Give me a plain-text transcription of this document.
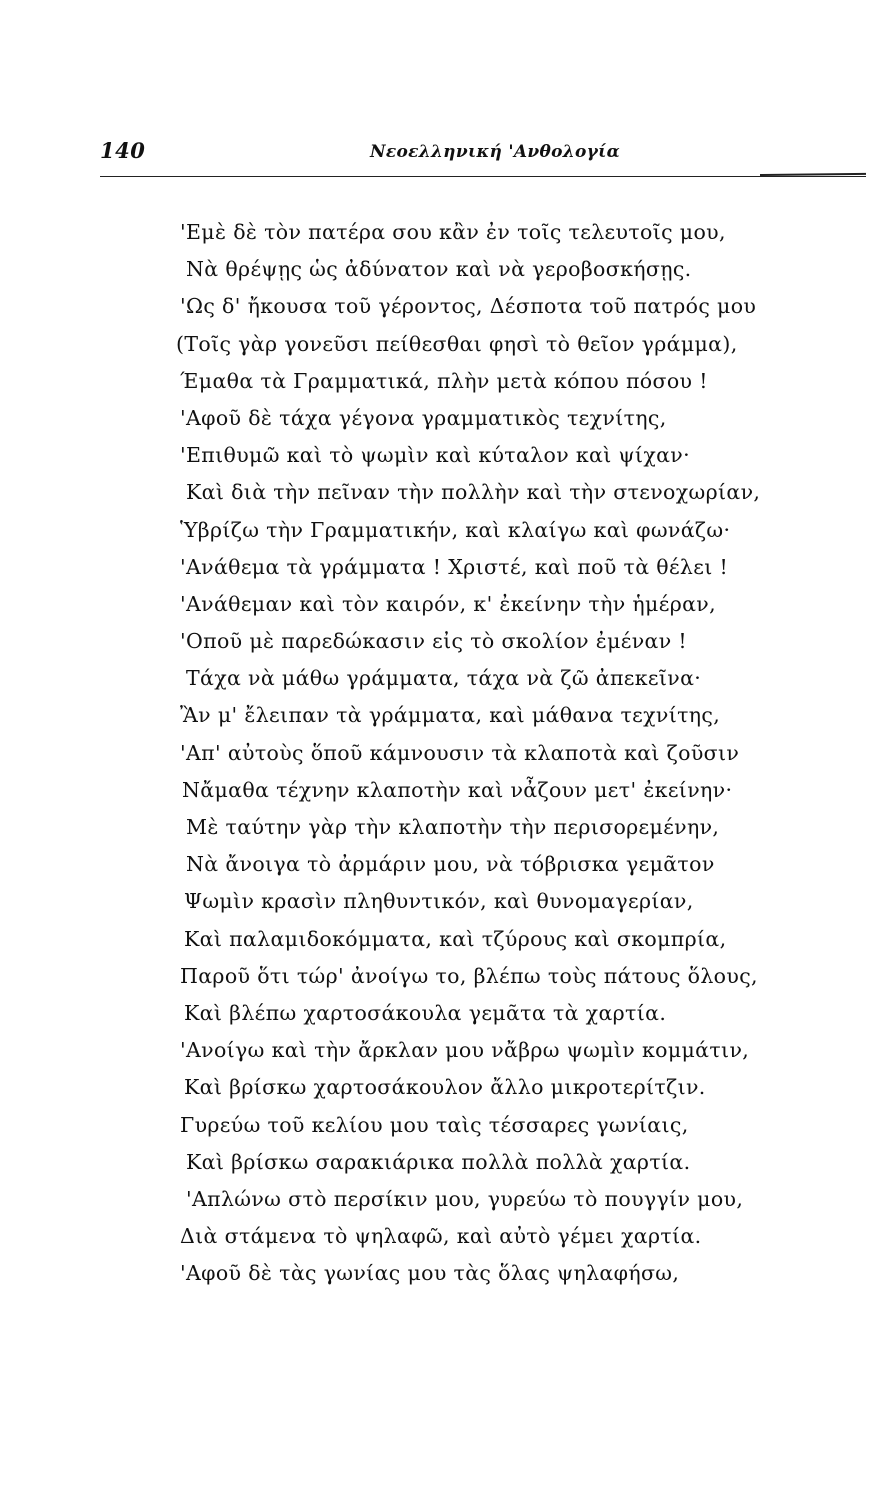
140	Νεοελληνική 'Ανθολογία
'Εμὲ δὲ τὸν πατέρα σου κἂν ἐν τοῖς τελευτοῖς μου,
Νὰ θρέψῃς ὡς ἀδύνατον καὶ νὰ γεροβοσκήσῃς.
'Ως δ' ἤκουσα τοῦ γέροντος, Δέσποτα τοῦ πατρός μου
(Τοῖς γὰρ γονεῦσι πείθεσθαι φησὶ τὸ θεῖον γράμμα),
Έμαθα τὰ Γραμματικά, πλὴν μετὰ κόπου πόσου !
'Αφοῦ δὲ τάχα γέγονα γραμματικὸς τεχνίτης,
'Επιθυμῶ καὶ τὸ ψωμὶν καὶ κύταλον καὶ ψίχαν·
Καὶ διὰ τὴν πεῖναν τὴν πολλὴν καὶ τὴν στενοχωρίαν,
Ὑβρίζω τὴν Γραμματικήν, καὶ κλαίγω καὶ φωνάζω·
'Ανάθεμα τὰ γράμματα ! Χριστέ, καὶ ποῦ τὰ θέλει !
'Ανάθεμαν καὶ τὸν καιρόν, κ' ἐκείνην τὴν ἡμέραν,
'Οποῦ μὲ παρεδώκασιν εἰς τὸ σκολίον ἐμέναν !
Τάχα νὰ μάθω γράμματα, τάχα νὰ ζῶ ἀπεκεῖνα·
Ἂν μ' ἔλειπαν τὰ γράμματα, καὶ μάθανα τεχνίτης,
'Απ' αὐτοὺς ὅποῦ κάμνουσιν τὰ κλαποτὰ καὶ ζοῦσιν
Νἄμαθα τέχνην κλαποτὴν καὶ νἆζουν μετ' ἐκείνην·
Μὲ ταύτην γὰρ τὴν κλαποτὴν τὴν περισορεμένην,
Νὰ ἄνοιγα τὸ ἀρμάριν μου, νὰ τόβρισκα γεμᾶτον
Ψωμὶν κρασὶν πληθυντικόν, καὶ θυνομαγερίαν,
Καὶ παλαμιδοκόμματα, καὶ τζύρους καὶ σκομπρία,
Παροῦ ὅτι τώρ' ἀνοίγω το, βλέπω τοὺς πάτους ὅλους,
Καὶ βλέπω χαρτοσάκουλα γεμᾶτα τὰ χαρτία.
'Ανοίγω καὶ τὴν ἄρκλαν μου νἄβρω ψωμὶν κομμάτιν,
Καὶ βρίσκω χαρτοσάκουλον ἄλλο μικροτερίτζιν.
Γυρεύω τοῦ κελίου μου ταὶς τέσσαρες γωνίαις,
Καὶ βρίσκω σαρακιάρικα πολλὰ πολλὰ χαρτία.
'Απλώνω στὸ περσίκιν μου, γυρεύω τὸ πουγγίν μου,
Διὰ στάμενα τὸ ψηλαφῶ, καὶ αὐτὸ γέμει χαρτία.
'Αφοῦ δὲ τὰς γωνίας μου τὰς ὅλας ψηλαφήσω,
